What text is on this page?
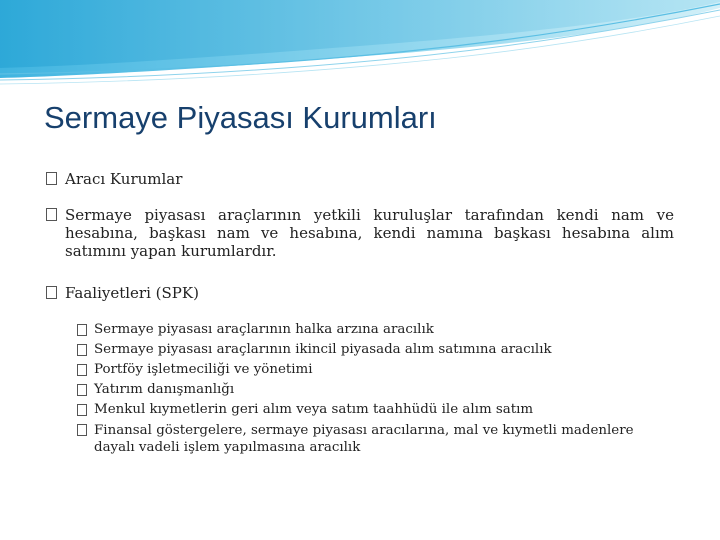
Sermaye Piyasası Kurumları
Aracı Kurumlar
Sermaye piyasası araçlarının yetkili kuruluşlar tarafından kendi nam ve hesabına, başkası nam ve hesabına, kendi namına başkası hesabına alım satımını yapan kurumlardır.
Faaliyetleri (SPK)
Sermaye piyasası araçlarının halka arzına aracılık
Sermaye piyasası araçlarının ikincil piyasada alım satımına aracılık
Portföy işletmeciliği ve yönetimi
Yatırım danışmanlığı
Menkul kıymetlerin geri alım veya satım taahhüdü ile alım satım
Finansal göstergelere, sermaye piyasası aracılarına, mal ve kıymetli madenlere dayalı vadeli işlem yapılmasına aracılık
